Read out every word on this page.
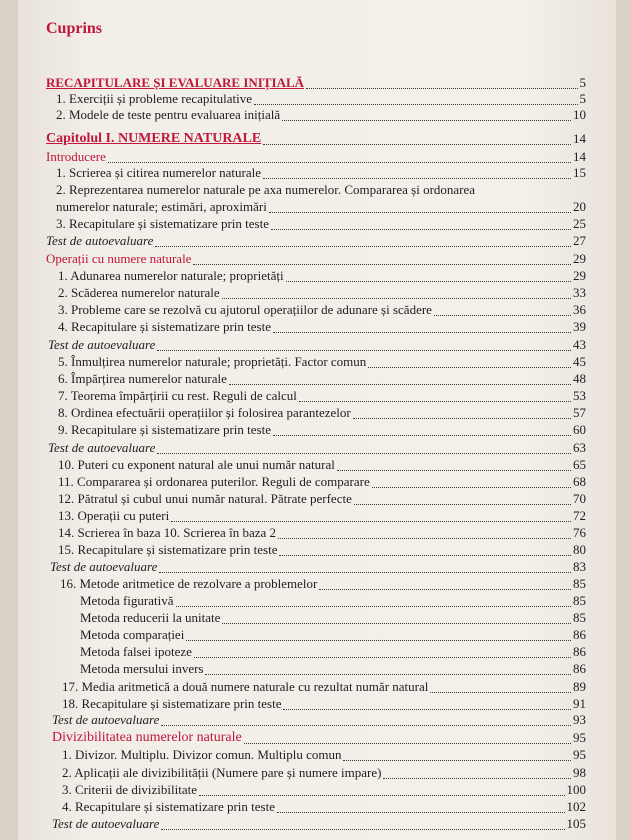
Cuprins
RECAPITULARE ȘI EVALUARE INIȚIALĂ	5
1. Exerciții și probleme recapitulative	5
2. Modele de teste pentru evaluarea inițială	10
Capitolul I. NUMERE NATURALE	14
Introducere	14
1. Scrierea și citirea numerelor naturale	15
2. Reprezentarea numerelor naturale pe axa numerelor. Compararea și ordonarea
numerelor naturale; estimări, aproximări	20
3. Recapitulare și sistematizare prin teste	25
Test de autoevaluare	27
Operații cu numere naturale	29
1. Adunarea numerelor naturale; proprietăți	29
2. Scăderea numerelor naturale	33
3. Probleme care se rezolvă cu ajutorul operațiilor de adunare și scădere	36
4. Recapitulare și sistematizare prin teste	39
Test de autoevaluare	43
5. Înmulțirea numerelor naturale; proprietăți. Factor comun	45
6. Împărțirea numerelor naturale	48
7. Teorema împărțirii cu rest. Reguli de calcul	53
8. Ordinea efectuării operațiilor și folosirea parantezelor	57
9. Recapitulare și sistematizare prin teste	60
Test de autoevaluare	63
10. Puteri cu exponent natural ale unui număr natural	65
11. Compararea și ordonarea puterilor. Reguli de comparare	68
12. Pătratul și cubul unui număr natural. Pătrate perfecte	70
13. Operații cu puteri	72
14. Scrierea în baza 10. Scrierea în baza 2	76
15. Recapitulare și sistematizare prin teste	80
Test de autoevaluare	83
16. Metode aritmetice de rezolvare a problemelor	85
Metoda figurativă	85
Metoda reducerii la unitate	85
Metoda comparației	86
Metoda falsei ipoteze	86
Metoda mersului invers	86
17. Media aritmetică a două numere naturale cu rezultat număr natural	89
18. Recapitulare și sistematizare prin teste	91
Test de autoevaluare	93
Divizibilitatea numerelor naturale	95
1. Divizor. Multiplu. Divizor comun. Multiplu comun	95
2. Aplicații ale divizibilității (Numere pare și numere impare)	98
3. Criterii de divizibilitate	100
4. Recapitulare și sistematizare prin teste	102
Test de autoevaluare	105
